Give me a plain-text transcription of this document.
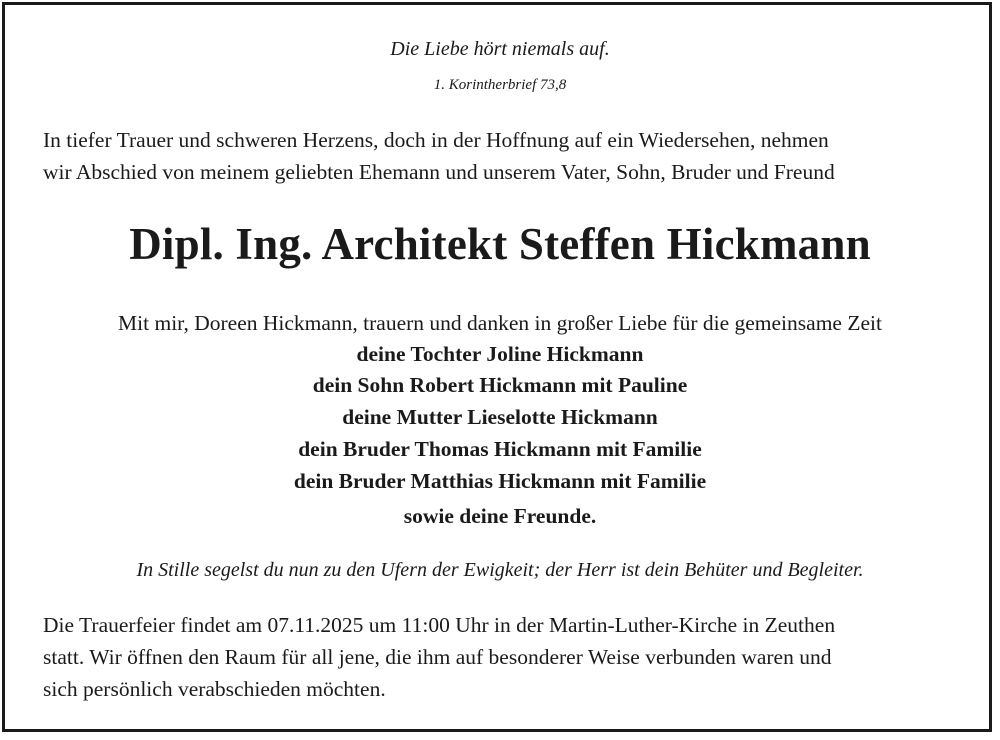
Die Liebe hört niemals auf.
1. Korintherbrief 73,8
In tiefer Trauer und schweren Herzens, doch in der Hoffnung auf ein Wiedersehen, nehmen
wir Abschied von meinem geliebten Ehemann und unserem Vater, Sohn, Bruder und Freund
Dipl. Ing. Architekt Steffen Hickmann
Mit mir, Doreen Hickmann, trauern und danken in großer Liebe für die gemeinsame Zeit
deine Tochter Joline Hickmann
dein Sohn Robert Hickmann mit Pauline
deine Mutter Lieselotte Hickmann
dein Bruder Thomas Hickmann mit Familie
dein Bruder Matthias Hickmann mit Familie
sowie deine Freunde.
In Stille segelst du nun zu den Ufern der Ewigkeit; der Herr ist dein Behüter und Begleiter.
Die Trauerfeier findet am 07.11.2025 um 11:00 Uhr in der Martin-Luther-Kirche in Zeuthen
statt. Wir öffnen den Raum für all jene, die ihm auf besonderer Weise verbunden waren und
sich persönlich verabschieden möchten.
